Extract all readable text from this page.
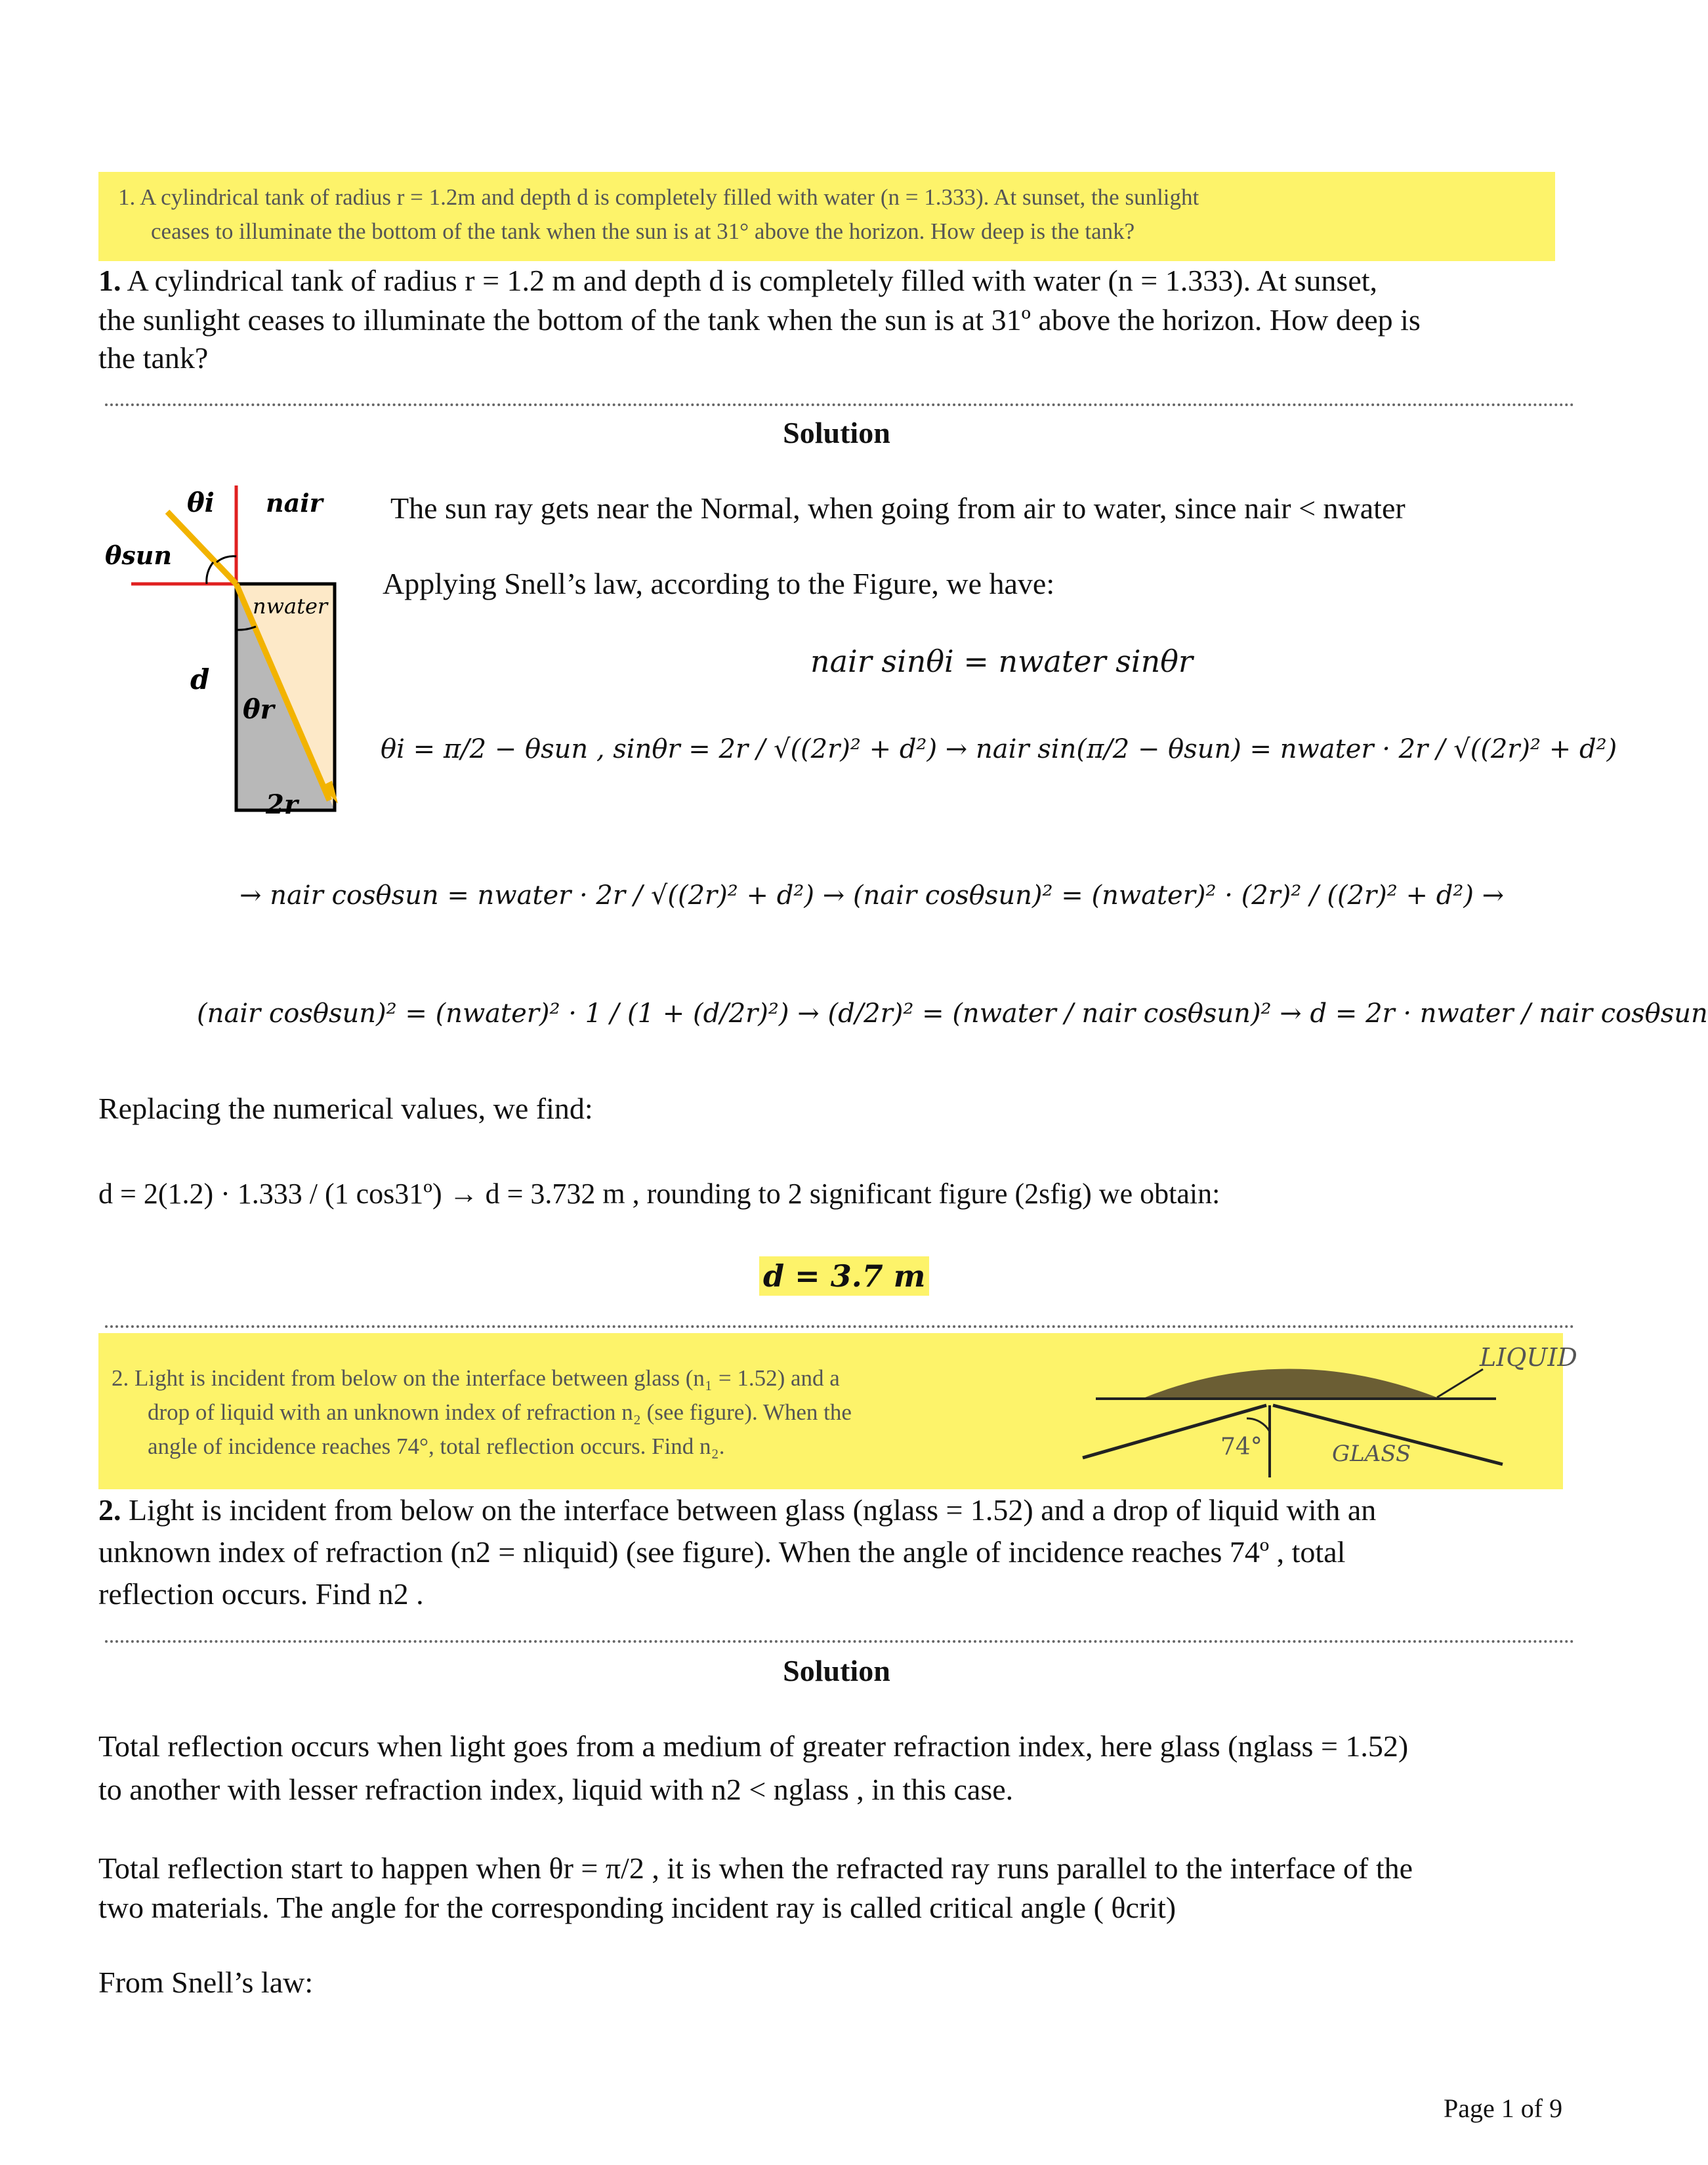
1. A cylindrical tank of radius r = 1.2m and depth d is completely filled with water (n = 1.333). At sunset, the sunlight
ceases to illuminate the bottom of the tank when the sun is at 31° above the horizon. How deep is the tank?
1. A cylindrical tank of radius r = 1.2 m and depth d is completely filled with water (n = 1.333). At sunset,
the sunlight ceases to illuminate the bottom of the tank when the sun is at 31º above the horizon. How deep is
the tank?
Solution
θi nair
θsun
nwater
d
θr
2r
The sun ray gets near the Normal, when going from air to water, since nair < nwater
Applying Snell’s law, according to the Figure, we have:
nair sinθi = nwater sinθr
θi = π/2 − θsun , sinθr = 2r / √((2r)² + d²) → nair sin(π/2 − θsun) = nwater · 2r / √((2r)² + d²)
→ nair cosθsun = nwater · 2r / √((2r)² + d²) → (nair cosθsun)² = (nwater)² · (2r)² / ((2r)² + d²) →
(nair cosθsun)² = (nwater)² · 1 / (1 + (d/2r)²) → (d/2r)² = (nwater / nair cosθsun)² → d = 2r · nwater / nair cosθsun
Replacing the numerical values, we find:
d = 2(1.2) · 1.333 / (1 cos31º) → d = 3.732 m , rounding to 2 significant figure (2sfig) we obtain:
d = 3.7 m
2. Light is incident from below on the interface between glass (n₁ = 1.52) and a
drop of liquid with an unknown index of refraction n₂ (see figure). When the
angle of incidence reaches 74°, total reflection occurs. Find n₂.
LIQUID
GLASS
74°
2. Light is incident from below on the interface between glass (nglass = 1.52) and a drop of liquid with an
unknown index of refraction (n2 = nliquid) (see figure). When the angle of incidence reaches 74º , total
reflection occurs. Find n2 .
Solution
Total reflection occurs when light goes from a medium of greater refraction index, here glass (nglass = 1.52)
to another with lesser refraction index, liquid with n2 < nglass , in this case.
Total reflection start to happen when θr = π/2 , it is when the refracted ray runs parallel to the interface of the
two materials. The angle for the corresponding incident ray is called critical angle ( θcrit)
From Snell’s law:
Page 1 of 9
